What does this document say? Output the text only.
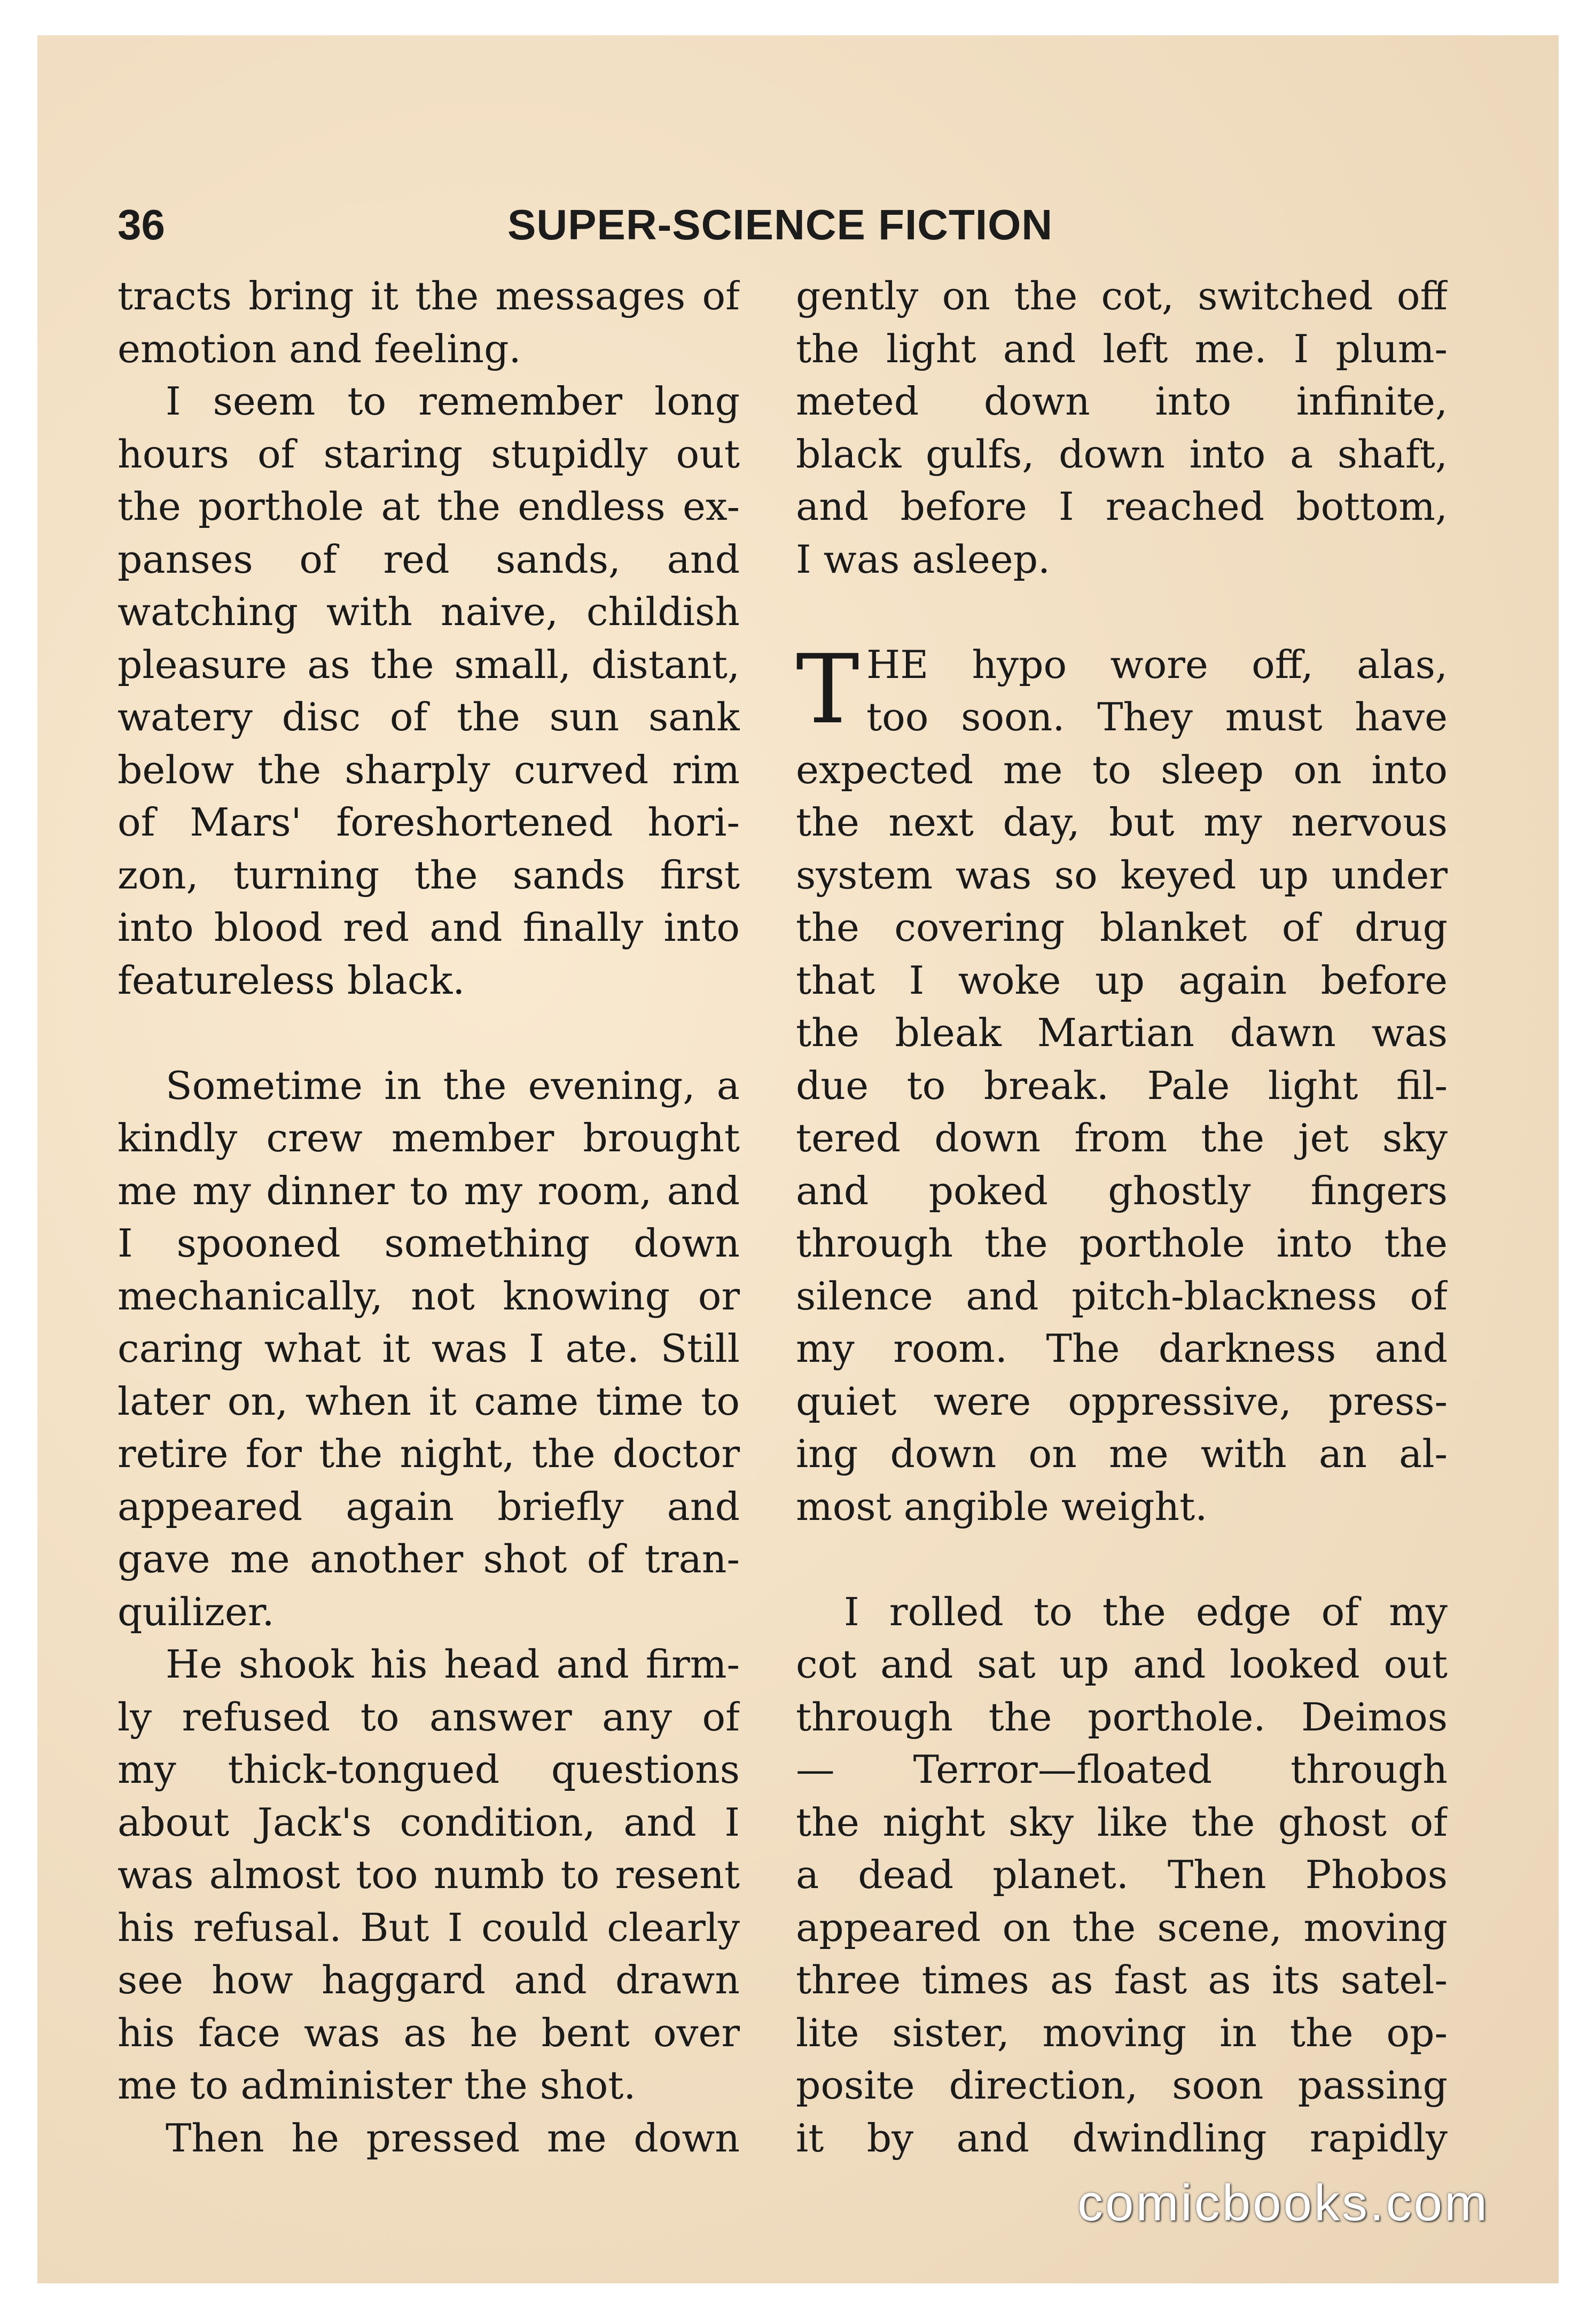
36	SUPER-SCIENCE FICTION
tracts bring it the messages of
emotion and feeling.
I seem to remember long
hours of staring stupidly out
the porthole at the endless ex-
panses of red sands, and
watching with naive, childish
pleasure as the small, distant,
watery disc of the sun sank
below the sharply curved rim
of Mars' foreshortened hori-
zon, turning the sands first
into blood red and finally into
featureless black.
Sometime in the evening, a
kindly crew member brought
me my dinner to my room, and
I spooned something down
mechanically, not knowing or
caring what it was I ate. Still
later on, when it came time to
retire for the night, the doctor
appeared again briefly and
gave me another shot of tran-
quilizer.
He shook his head and firm-
ly refused to answer any of
my thick-tongued questions
about Jack's condition, and I
was almost too numb to resent
his refusal. But I could clearly
see how haggard and drawn
his face was as he bent over
me to administer the shot.
Then he pressed me down
gently on the cot, switched off
the light and left me. I plum-
meted down into infinite,
black gulfs, down into a shaft,
and before I reached bottom,
I was asleep.
T HE hypo wore off, alas,
too soon. They must have
expected me to sleep on into
the next day, but my nervous
system was so keyed up under
the covering blanket of drug
that I woke up again before
the bleak Martian dawn was
due to break. Pale light fil-
tered down from the jet sky
and poked ghostly fingers
through the porthole into the
silence and pitch-blackness of
my room. The darkness and
quiet were oppressive, press-
ing down on me with an al-
most angible weight.
I rolled to the edge of my
cot and sat up and looked out
through the porthole. Deimos
— Terror—floated through
the night sky like the ghost of
a dead planet. Then Phobos
appeared on the scene, moving
three times as fast as its satel-
lite sister, moving in the op-
posite direction, soon passing
it by and dwindling rapidly
comicbooks.com
